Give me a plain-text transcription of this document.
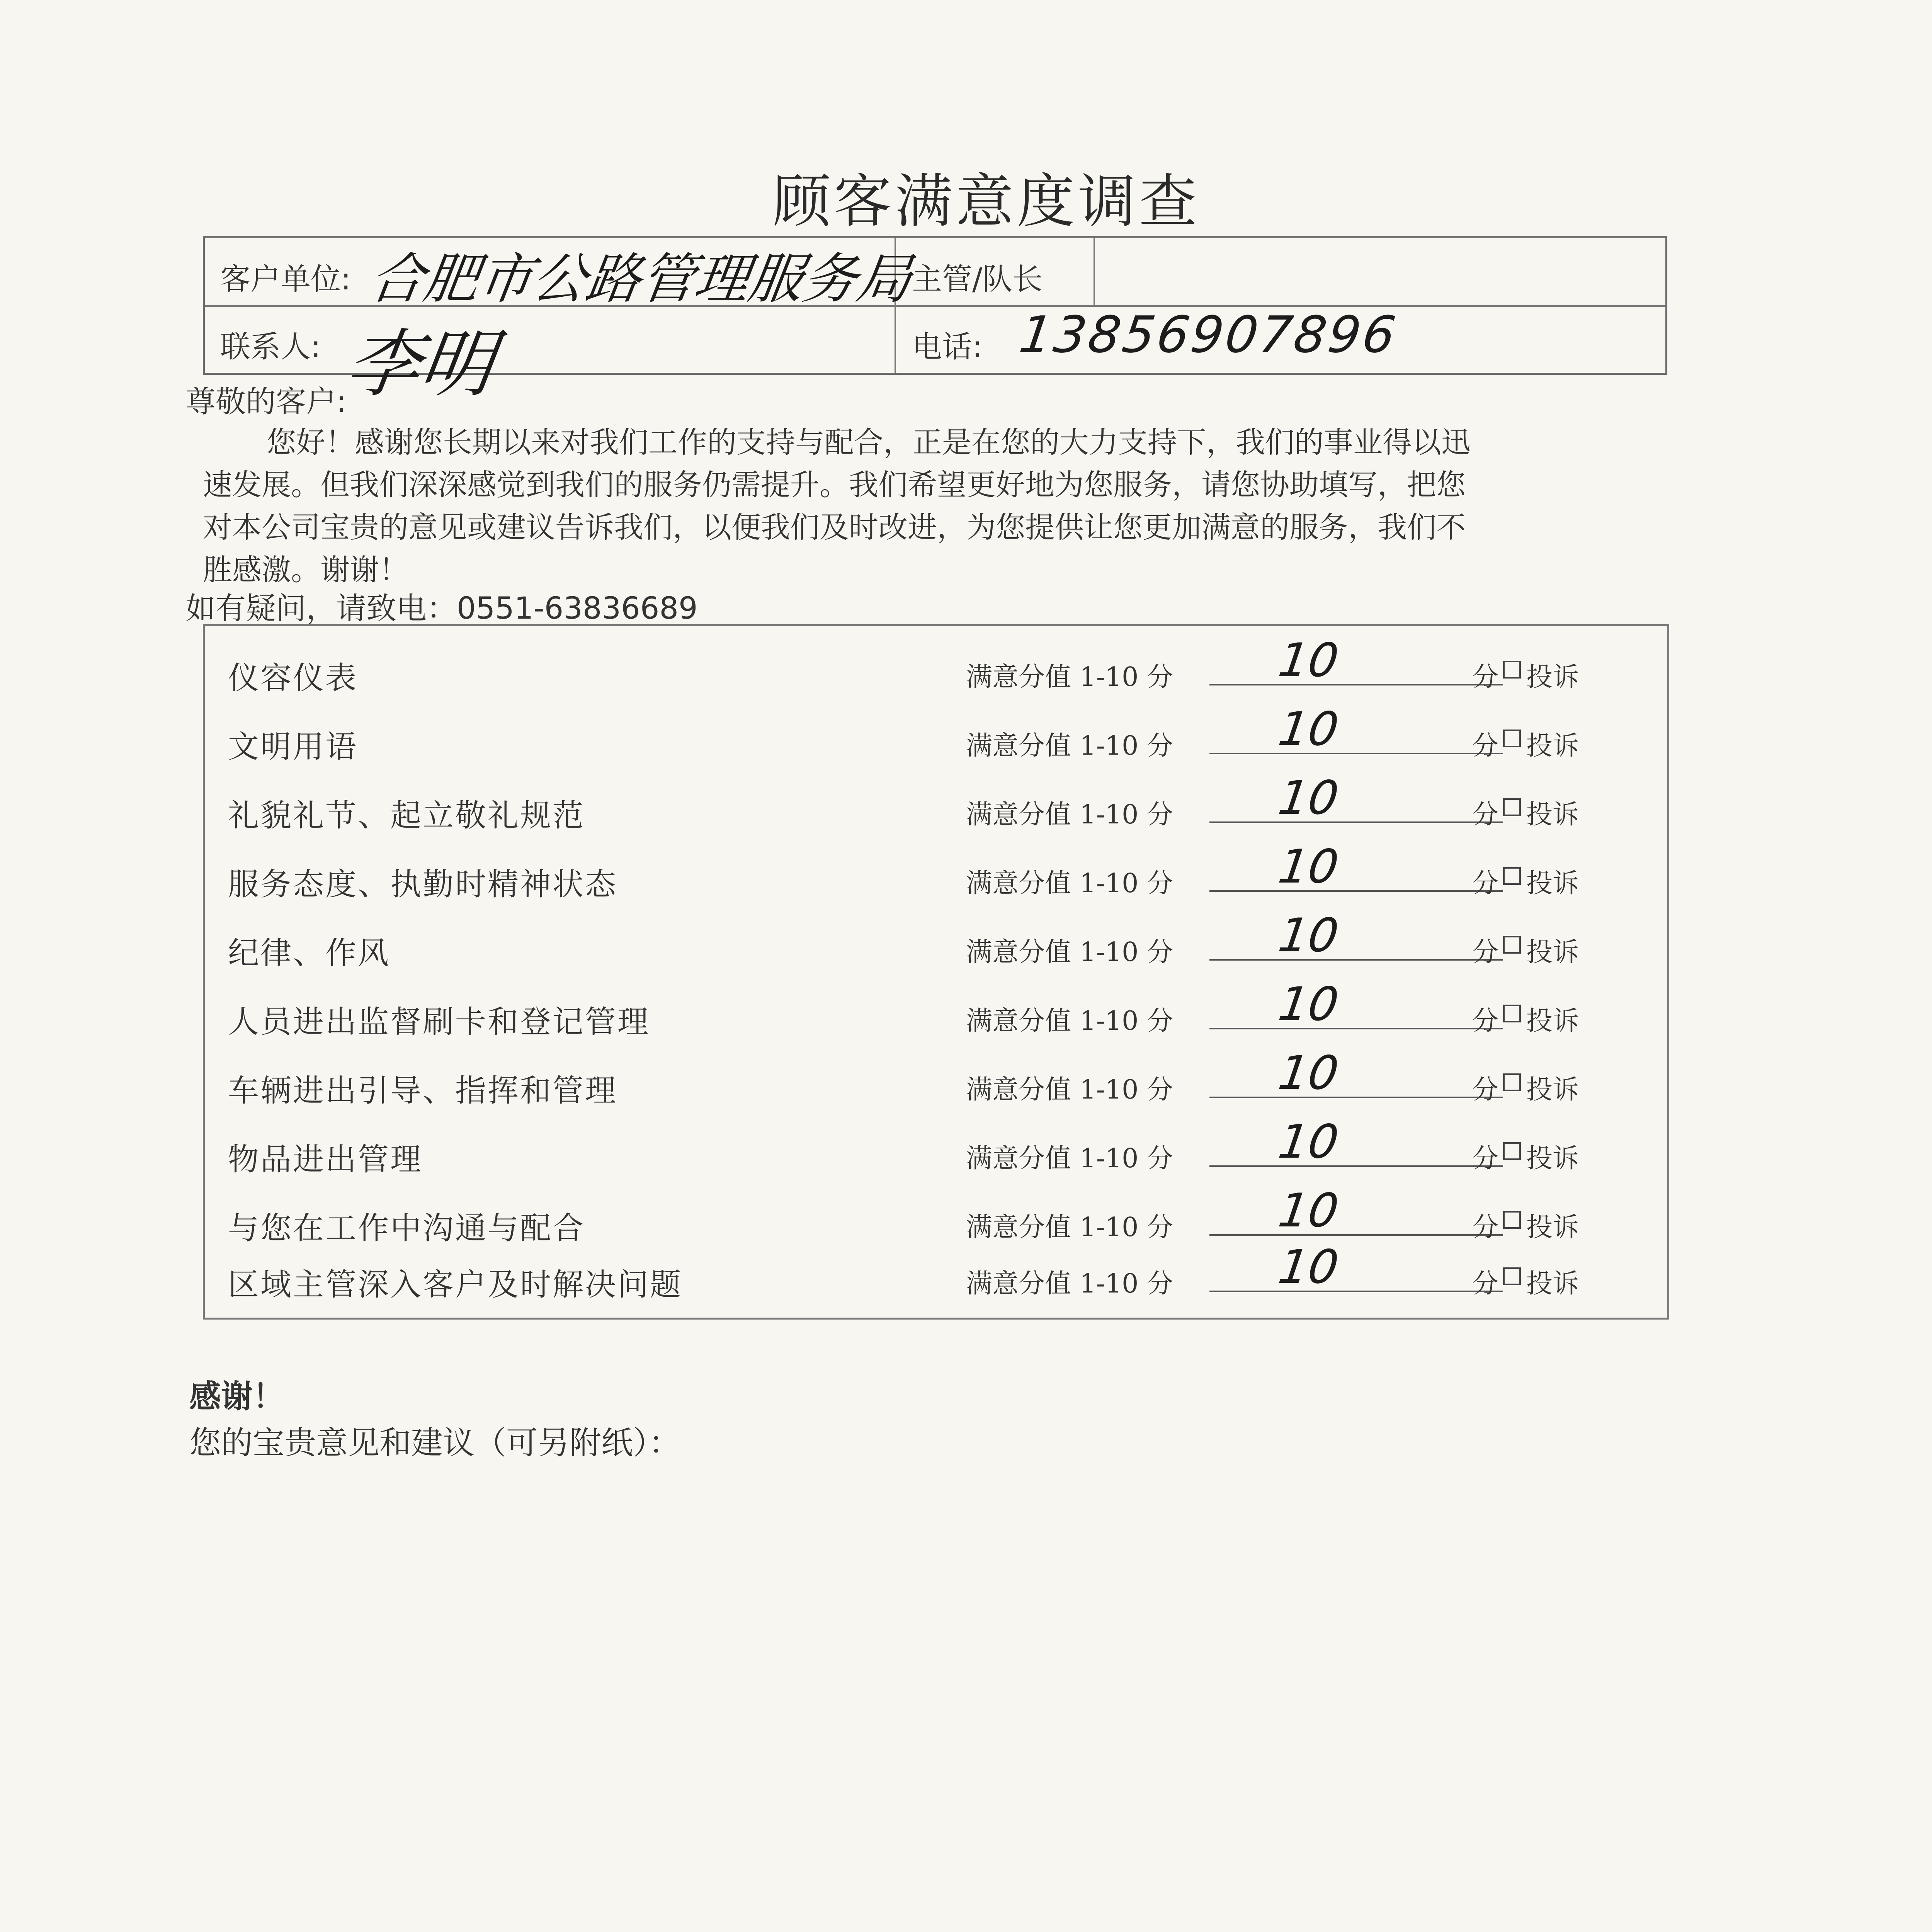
顾客满意度调查
客户单位: 合肥市公路管理服务局
主管/队长
联系人: 李明	电话: 13856907896
尊敬的客户:
您好！感谢您长期以来对我们工作的支持与配合，正是在您的大力支持下，我们的事业得以迅
速发展。但我们深深感觉到我们的服务仍需提升。我们希望更好地为您服务，请您协助填写，把您
对本公司宝贵的意见或建议告诉我们，以便我们及时改进，为您提供让您更加满意的服务，我们不
胜感激。谢谢！
如有疑问，请致电：0551-63836689
仪容仪表	满意分值 1-10 分 10	分 投诉
文明用语	满意分值 1-10 分 10	分 投诉
礼貌礼节、起立敬礼规范	满意分值 1-10 分 10	分 投诉
服务态度、执勤时精神状态	满意分值 1-10 分 10	分 投诉
纪律、作风	满意分值 1-10 分 10	分 投诉
人员进出监督刷卡和登记管理	满意分值 1-10 分 10	分 投诉
车辆进出引导、指挥和管理	满意分值 1-10 分 10	分 投诉
物品进出管理	满意分值 1-10 分 10	分 投诉
与您在工作中沟通与配合	满意分值 1-10 分 10	分 投诉
区域主管深入客户及时解决问题	满意分值 1-10 分 10	分 投诉
感谢！
您的宝贵意见和建议（可另附纸）：
